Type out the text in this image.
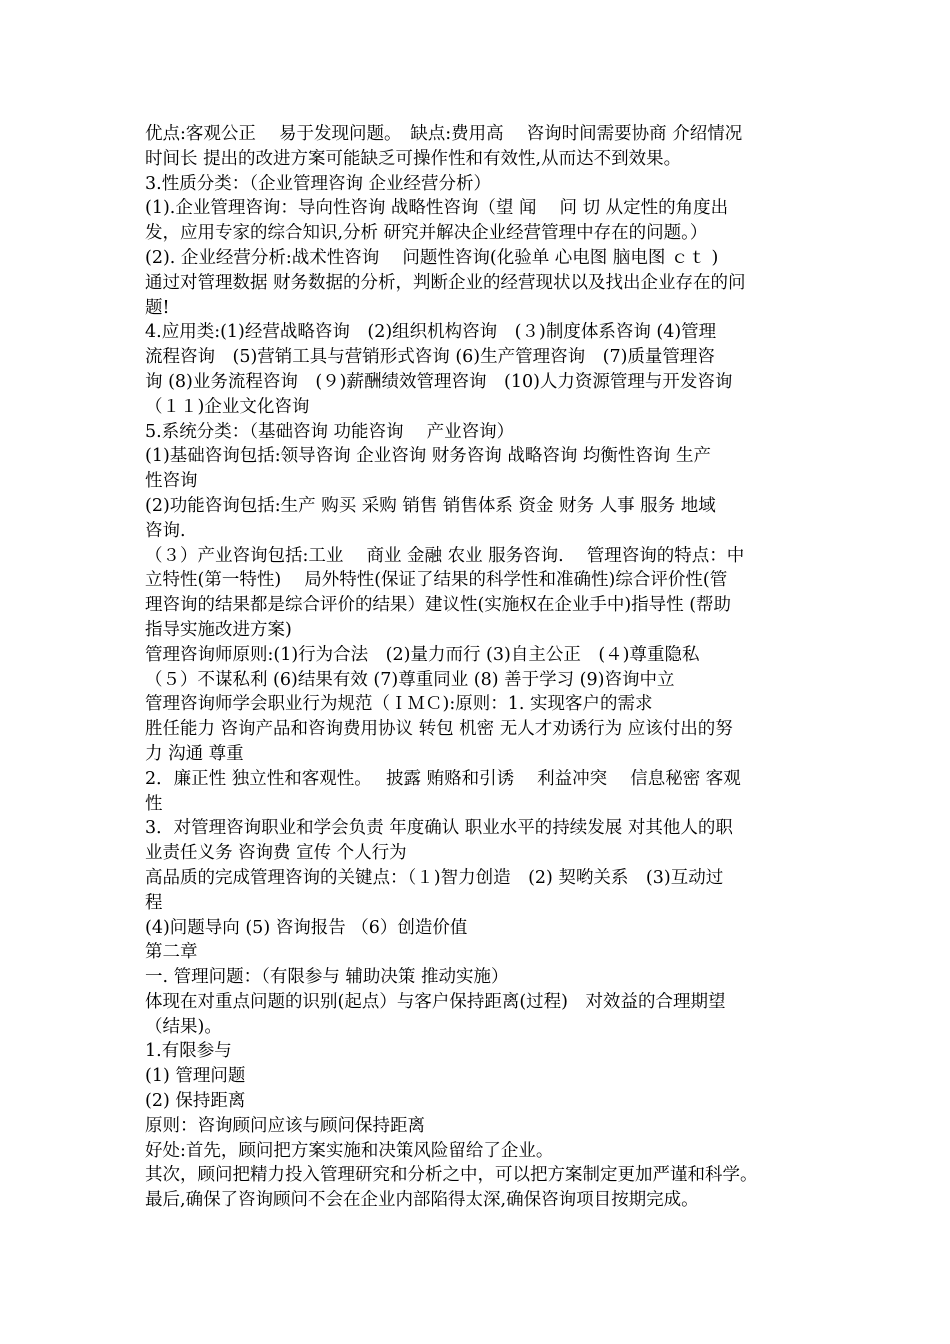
优点:客观公正　 易于发现问题。　缺点:费用高　 咨询时间需要协商 介绍情况
时间长 提出的改进方案可能缺乏可操作性和有效性,从而达不到效果。
3.性质分类：（企业管理咨询 企业经营分析）
(1).企业管理咨询：导向性咨询 战略性咨询（望 闻　 问 切 从定性的角度出
发，应用专家的综合知识,分析 研究并解决企业经营管理中存在的问题。）
(2). 企业经营分析:战术性咨询　 问题性咨询(化验单 心电图 脑电图 ｃｔ )
通过对管理数据 财务数据的分析，判断企业的经营现状以及找出企业存在的问
题!
4.应用类:(1)经营战略咨询　(2)组织机构咨询　(３)制度体系咨询 (4)管理
流程咨询　(5)营销工具与营销形式咨询 (6)生产管理咨询　(7)质量管理咨
询 (8)业务流程咨询　(９)薪酬绩效管理咨询　(10)人力资源管理与开发咨询
（１１)企业文化咨询
5.系统分类：（基础咨询 功能咨询　 产业咨询）
(1)基础咨询包括:领导咨询 企业咨询 财务咨询 战略咨询 均衡性咨询 生产
性咨询
(2)功能咨询包括:生产 购买 采购 销售 销售体系 资金 财务 人事 服务 地域
咨询.
（３）产业咨询包括:工业　 商业 金融 农业 服务咨询.　 管理咨询的特点：中
立特性(第一特性)　 局外特性(保证了结果的科学性和准确性)综合评价性(管
理咨询的结果都是综合评价的结果）建议性(实施权在企业手中)指导性 (帮助
指导实施改进方案)
管理咨询师原则:(1)行为合法　(2)量力而行 (3)自主公正　(４)尊重隐私
（５）不谋私利 (6)结果有效 (7)尊重同业 (8) 善于学习 (9)咨询中立
管理咨询师学会职业行为规范（ＩＭＣ):原则：1. 实现客户的需求
胜任能力 咨询产品和咨询费用协议 转包 机密 无人才劝诱行为 应该付出的努
力 沟通 尊重
2．廉正性 独立性和客观性。　 披露 贿赂和引诱　 利益冲突　 信息秘密 客观
性
3．对管理咨询职业和学会负责 年度确认 职业水平的持续发展 对其他人的职
业责任义务 咨询费 宣传 个人行为
高品质的完成管理咨询的关键点：（１)智力创造　(2) 契哟关系　(3)互动过
程
(4)问题导向 (5) 咨询报告 （6）创造价值
第二章
一. 管理问题：（有限参与 辅助决策 推动实施）
体现在对重点问题的识别(起点）与客户保持距离(过程)　对效益的合理期望
（结果)。
1.有限参与
(1) 管理问题
(2) 保持距离
原则：咨询顾问应该与顾问保持距离
好处:首先，顾问把方案实施和决策风险留给了企业。
其次，顾问把精力投入管理研究和分析之中，可以把方案制定更加严谨和科学。
最后,确保了咨询顾问不会在企业内部陷得太深,确保咨询项目按期完成。
